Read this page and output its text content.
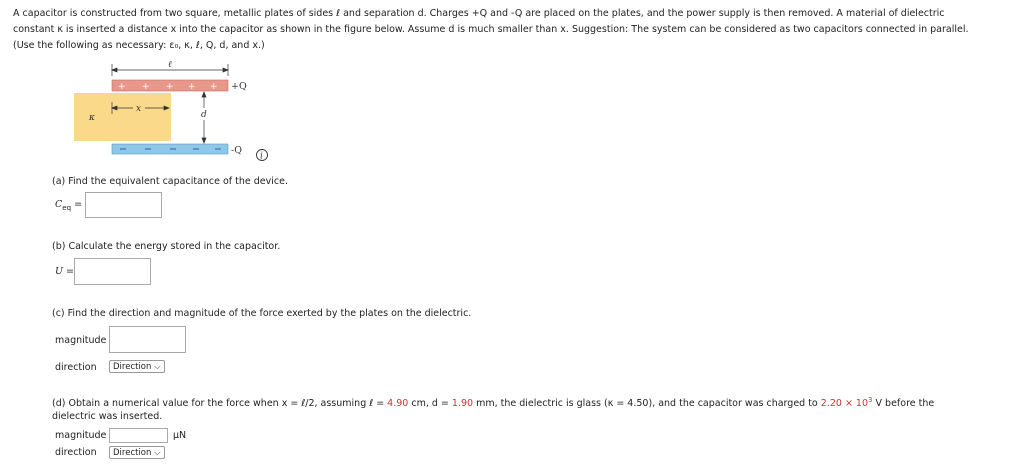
A capacitor is constructed from two square, metallic plates of sides ℓ and separation d. Charges +Q and -Q are placed on the plates, and the power supply is then removed. A material of dielectric

constant κ is inserted a distance x into the capacitor as shown in the figure below. Assume d is much smaller than x. Suggestion: The system can be considered as two capacitors connected in parallel.

(Use the following as necessary: ε₀, κ, ℓ, Q, d, and x.)

+ + + + +
ℓ
x
d
κ
+Q
-Q
i
(a) Find the equivalent capacitance of the device.
$C_{eq}$ =
(b) Calculate the energy stored in the capacitor.
U =
(c) Find the direction and magnitude of the force exerted by the plates on the dielectric.
magnitude
direction	Direction ⌵
(d) Obtain a numerical value for the force when x = ℓ/2, assuming ℓ = 4.90 cm, d = 1.90 mm, the dielectric is glass (κ = 4.50), and the capacitor was charged to $2.20 \times 10^3$ V before the
dielectric was inserted.
magnitude	µN
direction	Direction ⌵
